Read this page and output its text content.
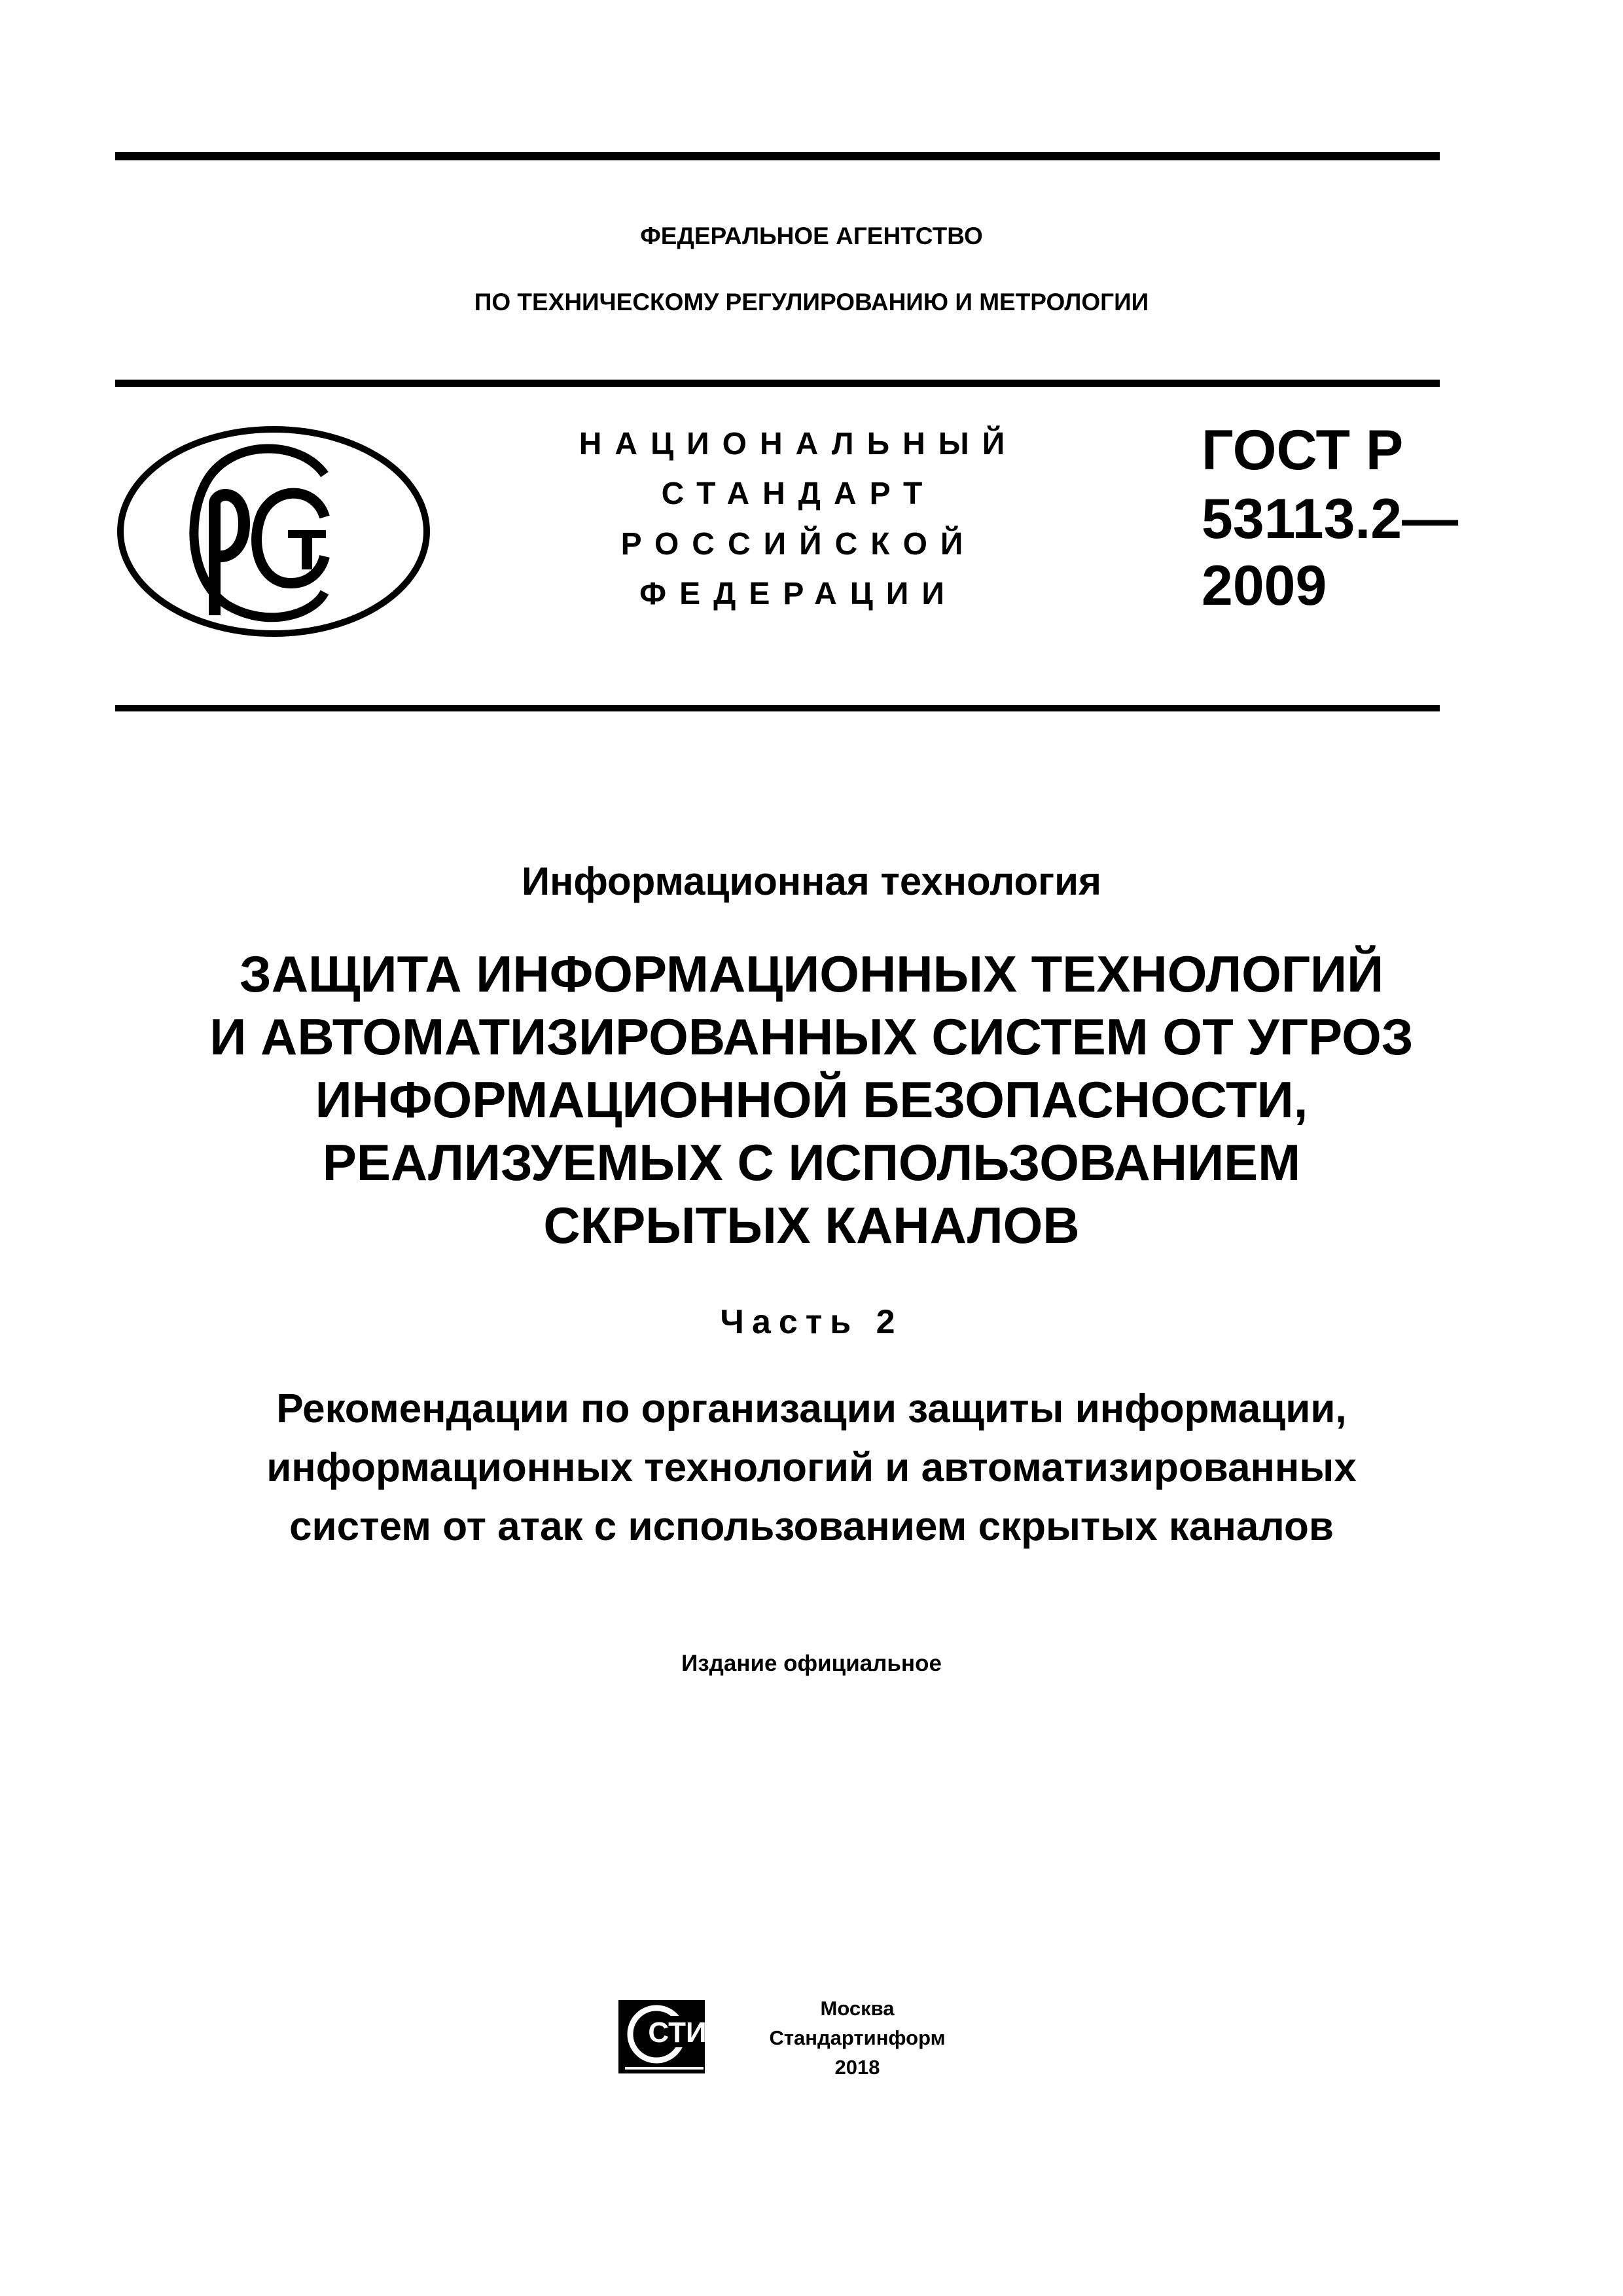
ФЕДЕРАЛЬНОЕ АГЕНТСТВО
ПО ТЕХНИЧЕСКОМУ РЕГУЛИРОВАНИЮ И МЕТРОЛОГИИ
НАЦИОНАЛЬНЫЙ
СТАНДАРТ
РОССИЙСКОЙ
ФЕДЕРАЦИИ
ГОСТ Р
53113.2—
2009
Информационная технология
ЗАЩИТА ИНФОРМАЦИОННЫХ ТЕХНОЛОГИЙ
И АВТОМАТИЗИРОВАННЫХ СИСТЕМ ОТ УГРОЗ
ИНФОРМАЦИОННОЙ БЕЗОПАСНОСТИ,
РЕАЛИЗУЕМЫХ С ИСПОЛЬЗОВАНИЕМ
СКРЫТЫХ КАНАЛОВ
Часть 2
Рекомендации по организации защиты информации,
информационных технологий и автоматизированных
систем от атак с использованием скрытых каналов
Издание официальное
СТИ
Москва
Стандартинформ
2018
